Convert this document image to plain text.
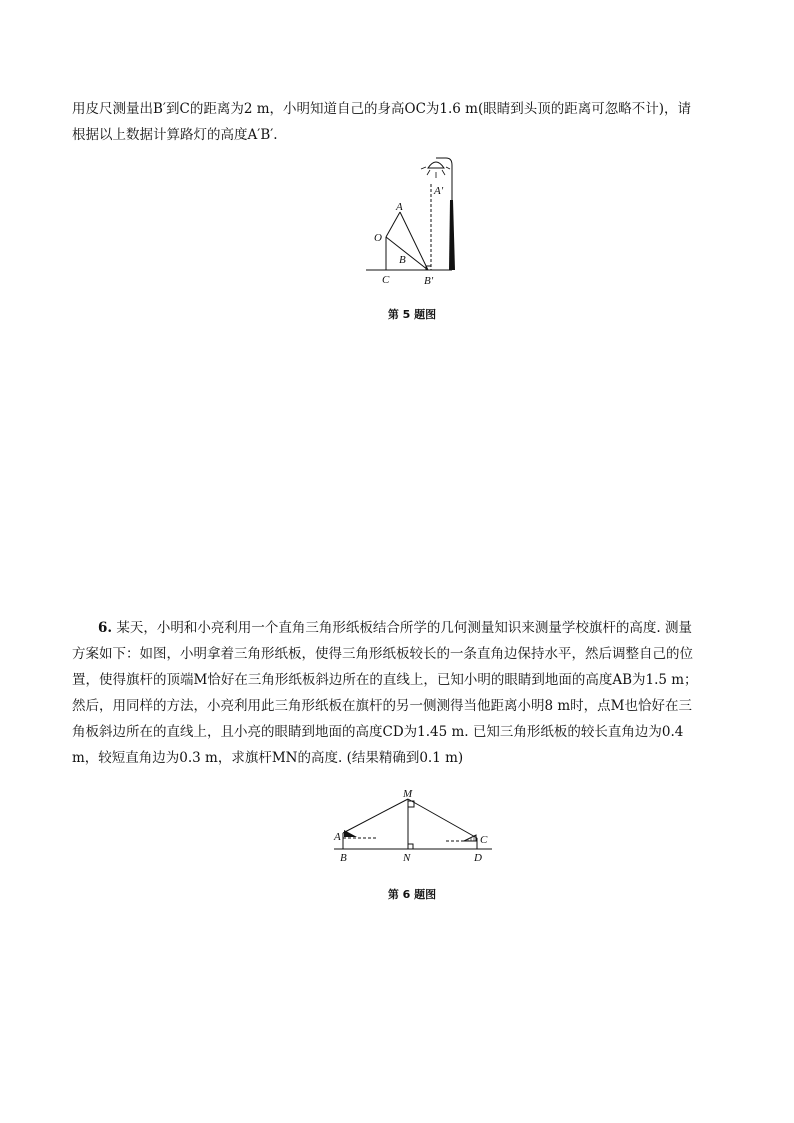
用皮尺测量出B′到C的距离为2 m，小明知道自己的身高OC为1.6 m(眼睛到头顶的距离可忽略不计)，请
根据以上数据计算路灯的高度A′B′.
A′
A
O
B
C	B′
第 5 题图
6. 某天，小明和小亮利用一个直角三角形纸板结合所学的几何测量知识来测量学校旗杆的高度. 测量
方案如下：如图，小明拿着三角形纸板，使得三角形纸板较长的一条直角边保持水平，然后调整自己的位
置，使得旗杆的顶端M恰好在三角形纸板斜边所在的直线上，已知小明的眼睛到地面的高度AB为1.5 m；
然后，用同样的方法，小亮利用此三角形纸板在旗杆的另一侧测得当他距离小明8 m时，点M也恰好在三
角板斜边所在的直线上，且小亮的眼睛到地面的高度CD为1.45 m. 已知三角形纸板的较长直角边为0.4
m，较短直角边为0.3 m，求旗杆MN的高度. (结果精确到0.1 m)
M
A	C
B	N	D
第 6 题图
